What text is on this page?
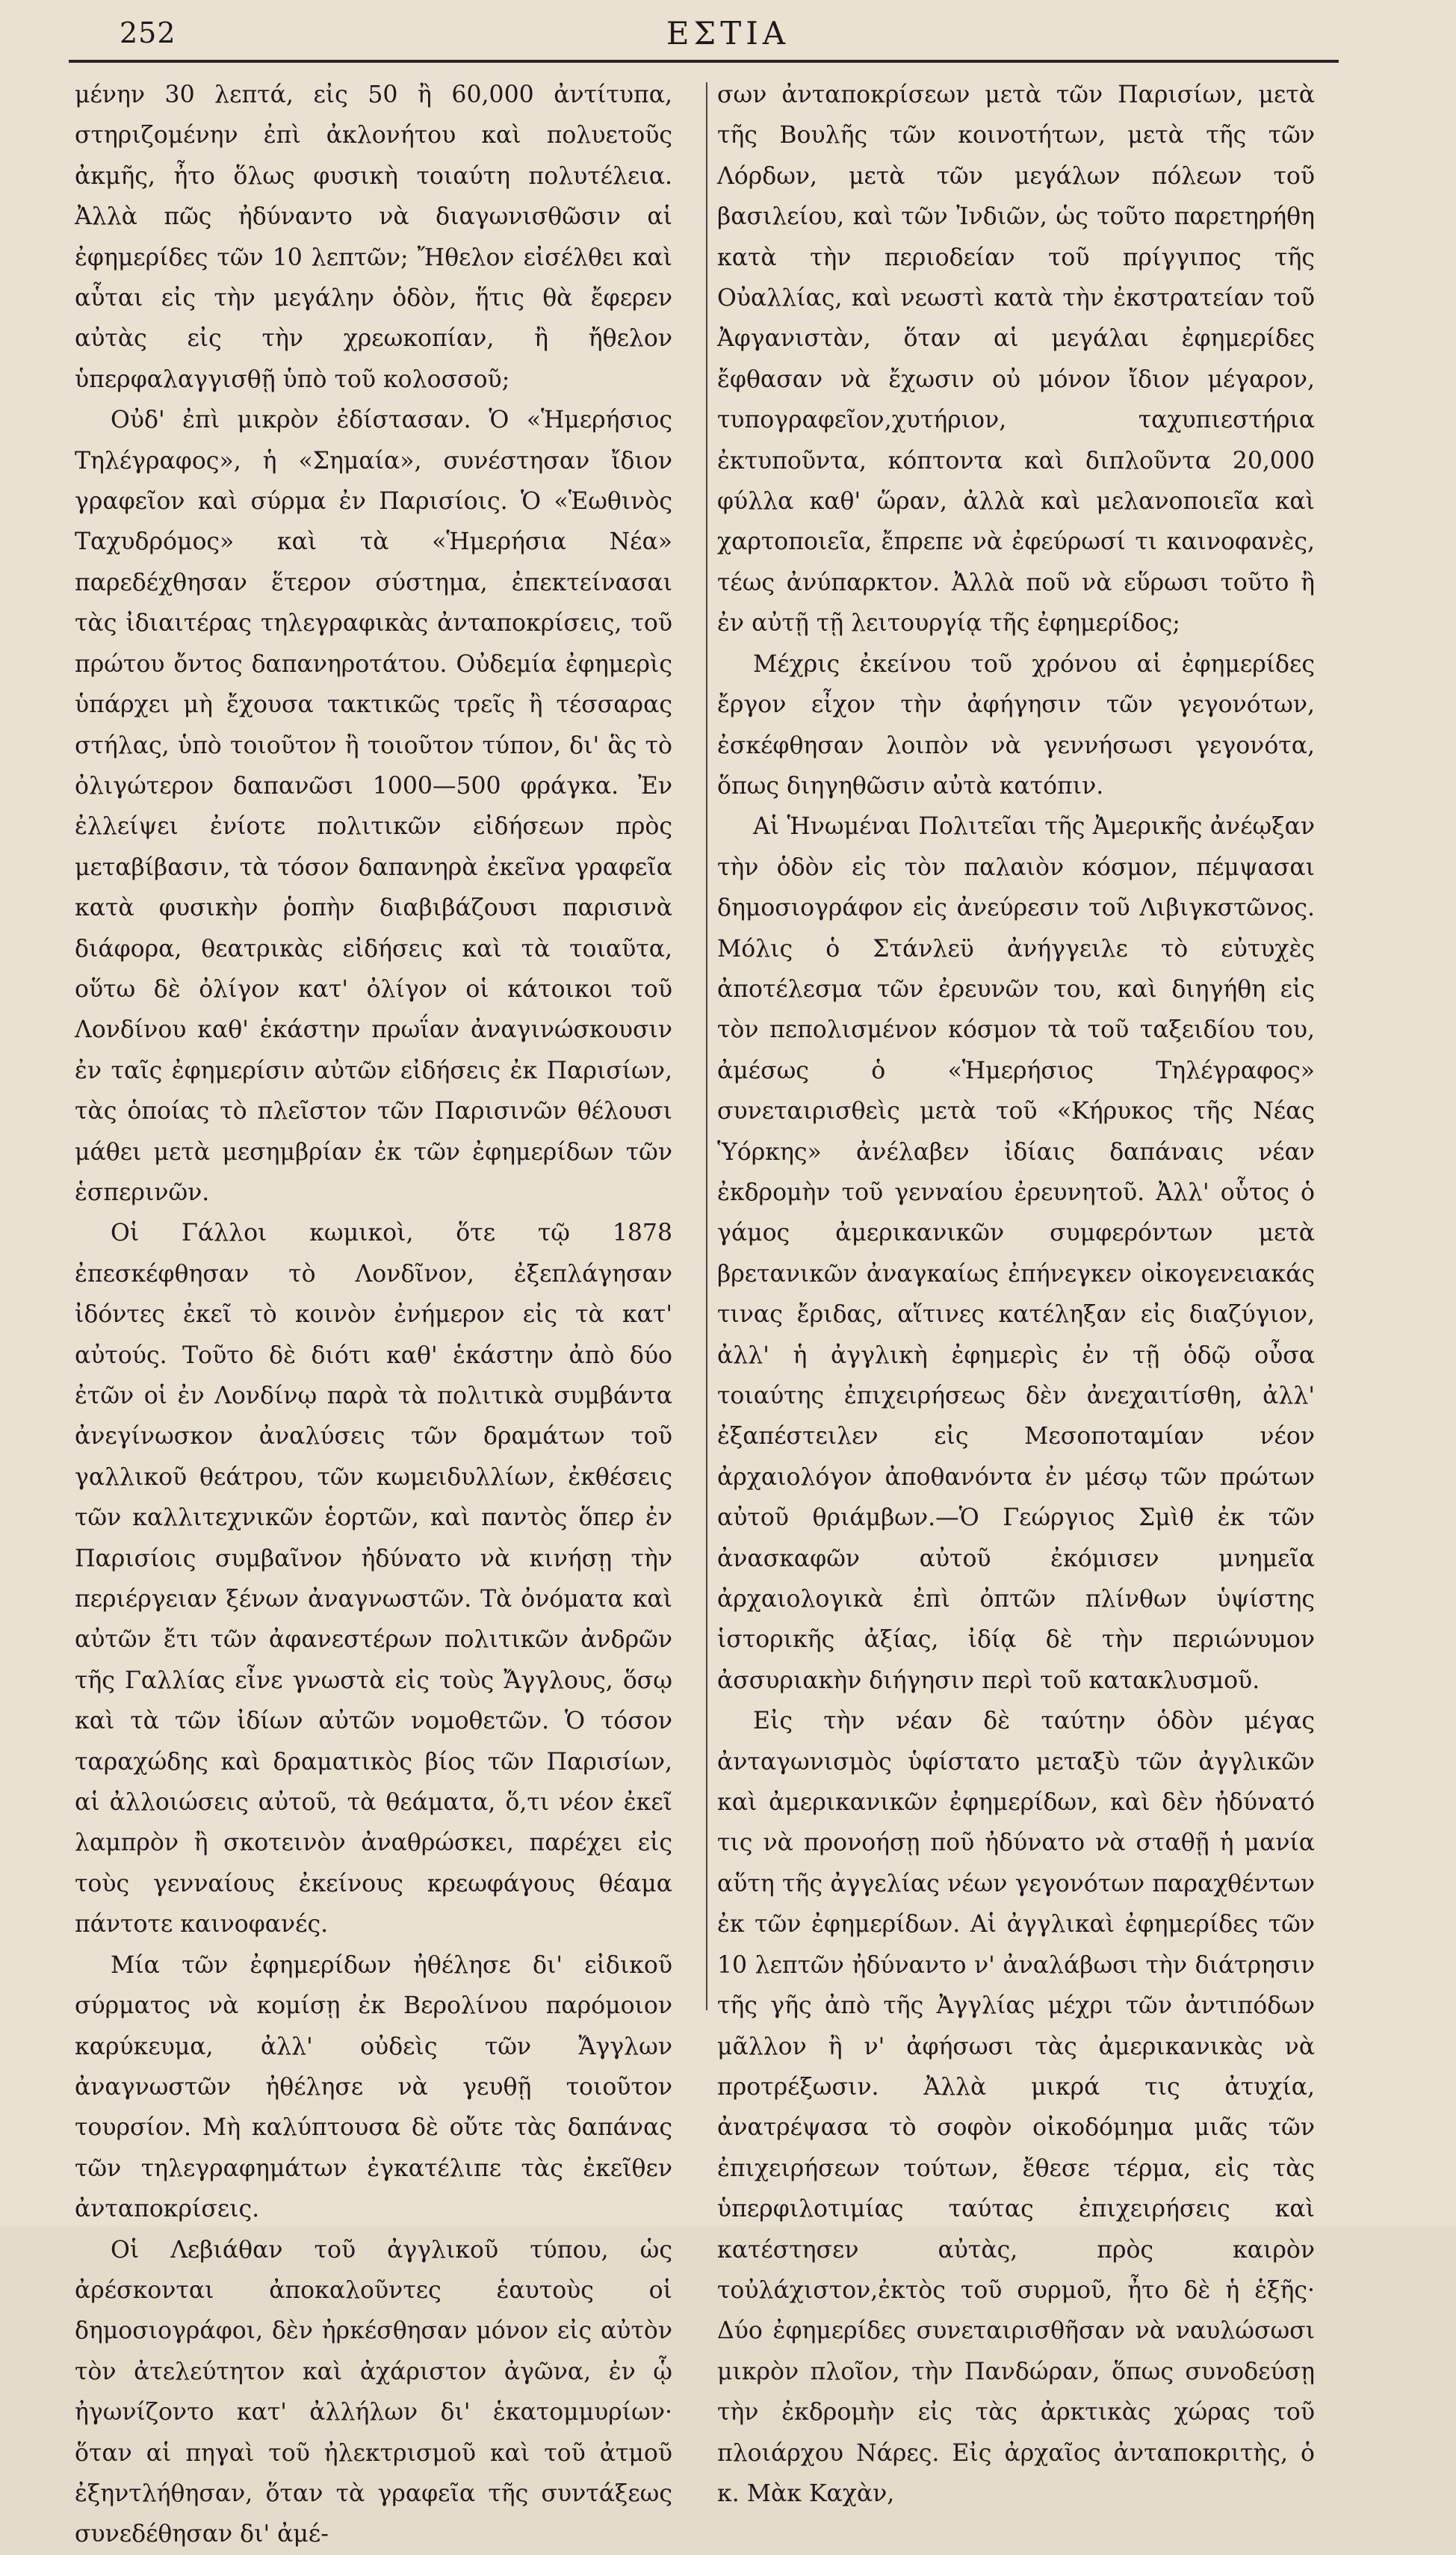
252	ΕΣΤΙΑ

μένην 30 λεπτά, εἰς 50 ἢ 60,000 ἀντίτυπα, στηριζομένην ἐπὶ ἀκλονήτου καὶ πολυετοῦς ἀκμῆς, ἦτο ὅλως φυσικὴ τοιαύτη πολυτέλεια. Ἀλλὰ πῶς ἠδύναντο νὰ διαγωνισθῶσιν αἱ ἐφημερίδες τῶν 10 λεπτῶν; Ἤθελον εἰσέλθει καὶ αὗται εἰς τὴν μεγάλην ὁδὸν, ἥτις θὰ ἔφερεν αὐτὰς εἰς τὴν χρεωκοπίαν, ἢ ἤθελον ὑπερφαλαγγισθῇ ὑπὸ τοῦ κολοσσοῦ;

Οὐδ' ἐπὶ μικρὸν ἐδίστασαν. Ὁ «Ἡμερήσιος Τηλέγραφος», ἡ «Σημαία», συνέστησαν ἴδιον γραφεῖον καὶ σύρμα ἐν Παρισίοις. Ὁ «Ἑωθινὸς Ταχυδρόμος» καὶ τὰ «Ἡμερήσια Νέα» παρεδέχθησαν ἕτερον σύστημα, ἐπεκτείνασαι τὰς ἰδιαιτέρας τηλεγραφικὰς ἀνταποκρίσεις, τοῦ πρώτου ὄντος δαπανηροτάτου. Οὐδεμία ἐφημερὶς ὑπάρχει μὴ ἔχουσα τακτικῶς τρεῖς ἢ τέσσαρας στήλας, ὑπὸ τοιοῦτον ἢ τοιοῦτον τύπον, δι' ἃς τὸ ὀλιγώτερον δαπανῶσι 1000—500 φράγκα. Ἐν ἐλλείψει ἐνίοτε πολιτικῶν εἰδήσεων πρὸς μεταβίβασιν, τὰ τόσον δαπανηρὰ ἐκεῖνα γραφεῖα κατὰ φυσικὴν ῥοπὴν διαβιβάζουσι παρισινὰ διάφορα, θεατρικὰς εἰδήσεις καὶ τὰ τοιαῦτα, οὕτω δὲ ὀλίγον κατ' ὀλίγον οἱ κάτοικοι τοῦ Λονδίνου καθ' ἑκάστην πρωΐαν ἀναγινώσκουσιν ἐν ταῖς ἐφημερίσιν αὐτῶν εἰδήσεις ἐκ Παρισίων, τὰς ὁποίας τὸ πλεῖστον τῶν Παρισινῶν θέλουσι μάθει μετὰ μεσημβρίαν ἐκ τῶν ἐφημερίδων τῶν ἑσπερινῶν.

Οἱ Γάλλοι κωμικοὶ, ὅτε τῷ 1878 ἐπεσκέφθησαν τὸ Λονδῖνον, ἐξεπλάγησαν ἰδόντες ἐκεῖ τὸ κοινὸν ἐνήμερον εἰς τὰ κατ' αὐτούς. Τοῦτο δὲ διότι καθ' ἑκάστην ἀπὸ δύο ἐτῶν οἱ ἐν Λονδίνῳ παρὰ τὰ πολιτικὰ συμβάντα ἀνεγίνωσκον ἀναλύσεις τῶν δραμάτων τοῦ γαλλικοῦ θεάτρου, τῶν κωμειδυλλίων, ἐκθέσεις τῶν καλλιτεχνικῶν ἑορτῶν, καὶ παντὸς ὅπερ ἐν Παρισίοις συμβαῖνον ἠδύνατο νὰ κινήσῃ τὴν περιέργειαν ξένων ἀναγνωστῶν. Τὰ ὀνόματα καὶ αὐτῶν ἔτι τῶν ἀφανεστέρων πολιτικῶν ἀνδρῶν τῆς Γαλλίας εἶνε γνωστὰ εἰς τοὺς Ἄγγλους, ὅσῳ καὶ τὰ τῶν ἰδίων αὐτῶν νομοθετῶν. Ὁ τόσον ταραχώδης καὶ δραματικὸς βίος τῶν Παρισίων, αἱ ἀλλοιώσεις αὐτοῦ, τὰ θεάματα, ὅ,τι νέον ἐκεῖ λαμπρὸν ἢ σκοτεινὸν ἀναθρώσκει, παρέχει εἰς τοὺς γενναίους ἐκείνους κρεωφάγους θέαμα πάντοτε καινοφανές.

Μία τῶν ἐφημερίδων ἠθέλησε δι' εἰδικοῦ σύρματος νὰ κομίσῃ ἐκ Βερολίνου παρόμοιον καρύκευμα, ἀλλ' οὐδεὶς τῶν Ἄγγλων ἀναγνωστῶν ἠθέλησε νὰ γευθῇ τοιοῦτον τουρσίον. Μὴ καλύπτουσα δὲ οὔτε τὰς δαπάνας τῶν τηλεγραφημάτων ἐγκατέλιπε τὰς ἐκεῖθεν ἀνταποκρίσεις.

Οἱ Λεβιάθαν τοῦ ἀγγλικοῦ τύπου, ὡς ἀρέσκονται ἀποκαλοῦντες ἑαυτοὺς οἱ δημοσιογράφοι, δὲν ἠρκέσθησαν μόνον εἰς αὐτὸν τὸν ἀτελεύτητον καὶ ἀχάριστον ἀγῶνα, ἐν ᾧ ἠγωνίζοντο κατ' ἀλλήλων δι' ἑκατομμυρίων· ὅταν αἱ πηγαὶ τοῦ ἠλεκτρισμοῦ καὶ τοῦ ἀτμοῦ ἐξηντλήθησαν, ὅταν τὰ γραφεῖα τῆς συντάξεως συνεδέθησαν δι' ἀμέ-

σων ἀνταποκρίσεων μετὰ τῶν Παρισίων, μετὰ τῆς Βουλῆς τῶν κοινοτήτων, μετὰ τῆς τῶν Λόρδων, μετὰ τῶν μεγάλων πόλεων τοῦ βασιλείου, καὶ τῶν Ἰνδιῶν, ὡς τοῦτο παρετηρήθη κατὰ τὴν περιοδείαν τοῦ πρίγγιπος τῆς Οὐαλλίας, καὶ νεωστὶ κατὰ τὴν ἐκστρατείαν τοῦ Ἀφγανιστὰν, ὅταν αἱ μεγάλαι ἐφημερίδες ἔφθασαν νὰ ἔχωσιν οὐ μόνον ἴδιον μέγαρον, τυπογραφεῖον,χυτήριον, ταχυπιεστήρια ἐκτυποῦντα, κόπτοντα καὶ διπλοῦντα 20,000 φύλλα καθ' ὥραν, ἀλλὰ καὶ μελανοποιεῖα καὶ χαρτοποιεῖα, ἔπρεπε νὰ ἐφεύρωσί τι καινοφανὲς, τέως ἀνύπαρκτον. Ἀλλὰ ποῦ νὰ εὕρωσι τοῦτο ἢ ἐν αὐτῇ τῇ λειτουργίᾳ τῆς ἐφημερίδος;

Μέχρις ἐκείνου τοῦ χρόνου αἱ ἐφημερίδες ἔργον εἶχον τὴν ἀφήγησιν τῶν γεγονότων, ἐσκέφθησαν λοιπὸν νὰ γεννήσωσι γεγονότα, ὅπως διηγηθῶσιν αὐτὰ κατόπιν.

Αἱ Ἡνωμέναι Πολιτεῖαι τῆς Ἀμερικῆς ἀνέῳξαν τὴν ὁδὸν εἰς τὸν παλαιὸν κόσμον, πέμψασαι δημοσιογράφον εἰς ἀνεύρεσιν τοῦ Λιβιγκστῶνος. Μόλις ὁ Στάνλεϋ ἀνήγγειλε τὸ εὐτυχὲς ἀποτέλεσμα τῶν ἐρευνῶν του, καὶ διηγήθη εἰς τὸν πεπολισμένον κόσμον τὰ τοῦ ταξειδίου του, ἀμέσως ὁ «Ἡμερήσιος Τηλέγραφος» συνεταιρισθεὶς μετὰ τοῦ «Κήρυκος τῆς Νέας Ὑόρκης» ἀνέλαβεν ἰδίαις δαπάναις νέαν ἐκδρομὴν τοῦ γενναίου ἐρευνητοῦ. Ἀλλ' οὗτος ὁ γάμος ἀμερικανικῶν συμφερόντων μετὰ βρετανικῶν ἀναγκαίως ἐπήνεγκεν οἰκογενειακάς τινας ἔριδας, αἵτινες κατέληξαν εἰς διαζύγιον, ἀλλ' ἡ ἀγγλικὴ ἐφημερὶς ἐν τῇ ὁδῷ οὖσα τοιαύτης ἐπιχειρήσεως δὲν ἀνεχαιτίσθη, ἀλλ' ἐξαπέστειλεν εἰς Μεσοποταμίαν νέον ἀρχαιολόγον ἀποθανόντα ἐν μέσῳ τῶν πρώτων αὐτοῦ θριάμβων.—Ὁ Γεώργιος Σμὶθ ἐκ τῶν ἀνασκαφῶν αὐτοῦ ἐκόμισεν μνημεῖα ἀρχαιολογικὰ ἐπὶ ὀπτῶν πλίνθων ὑψίστης ἱστορικῆς ἀξίας, ἰδίᾳ δὲ τὴν περιώνυμον ἀσσυριακὴν διήγησιν περὶ τοῦ κατακλυσμοῦ.

Εἰς τὴν νέαν δὲ ταύτην ὁδὸν μέγας ἀνταγωνισμὸς ὑφίστατο μεταξὺ τῶν ἀγγλικῶν καὶ ἀμερικανικῶν ἐφημερίδων, καὶ δὲν ἠδύνατό τις νὰ προνοήσῃ ποῦ ἠδύνατο νὰ σταθῇ ἡ μανία αὕτη τῆς ἀγγελίας νέων γεγονότων παραχθέντων ἐκ τῶν ἐφημερίδων. Αἱ ἀγγλικαὶ ἐφημερίδες τῶν 10 λεπτῶν ἠδύναντο ν' ἀναλάβωσι τὴν διάτρησιν τῆς γῆς ἀπὸ τῆς Ἀγγλίας μέχρι τῶν ἀντιπόδων μᾶλλον ἢ ν' ἀφήσωσι τὰς ἀμερικανικὰς νὰ προτρέξωσιν. Ἀλλὰ μικρά τις ἀτυχία, ἀνατρέψασα τὸ σοφὸν οἰκοδόμημα μιᾶς τῶν ἐπιχειρήσεων τούτων, ἔθεσε τέρμα, εἰς τὰς ὑπερφιλοτιμίας ταύτας ἐπιχειρήσεις καὶ κατέστησεν αὐτὰς, πρὸς καιρὸν τοὐλάχιστον,ἐκτὸς τοῦ συρμοῦ, ἦτο δὲ ἡ ἑξῆς· Δύο ἐφημερίδες συνεταιρισθῆσαν νὰ ναυλώσωσι μικρὸν πλοῖον, τὴν Πανδώραν, ὅπως συνοδεύσῃ τὴν ἐκδρομὴν εἰς τὰς ἀρκτικὰς χώρας τοῦ πλοιάρχου Νάρες. Εἰς ἀρχαῖος ἀνταποκριτὴς, ὁ κ. Μὰκ Καχὰν,
